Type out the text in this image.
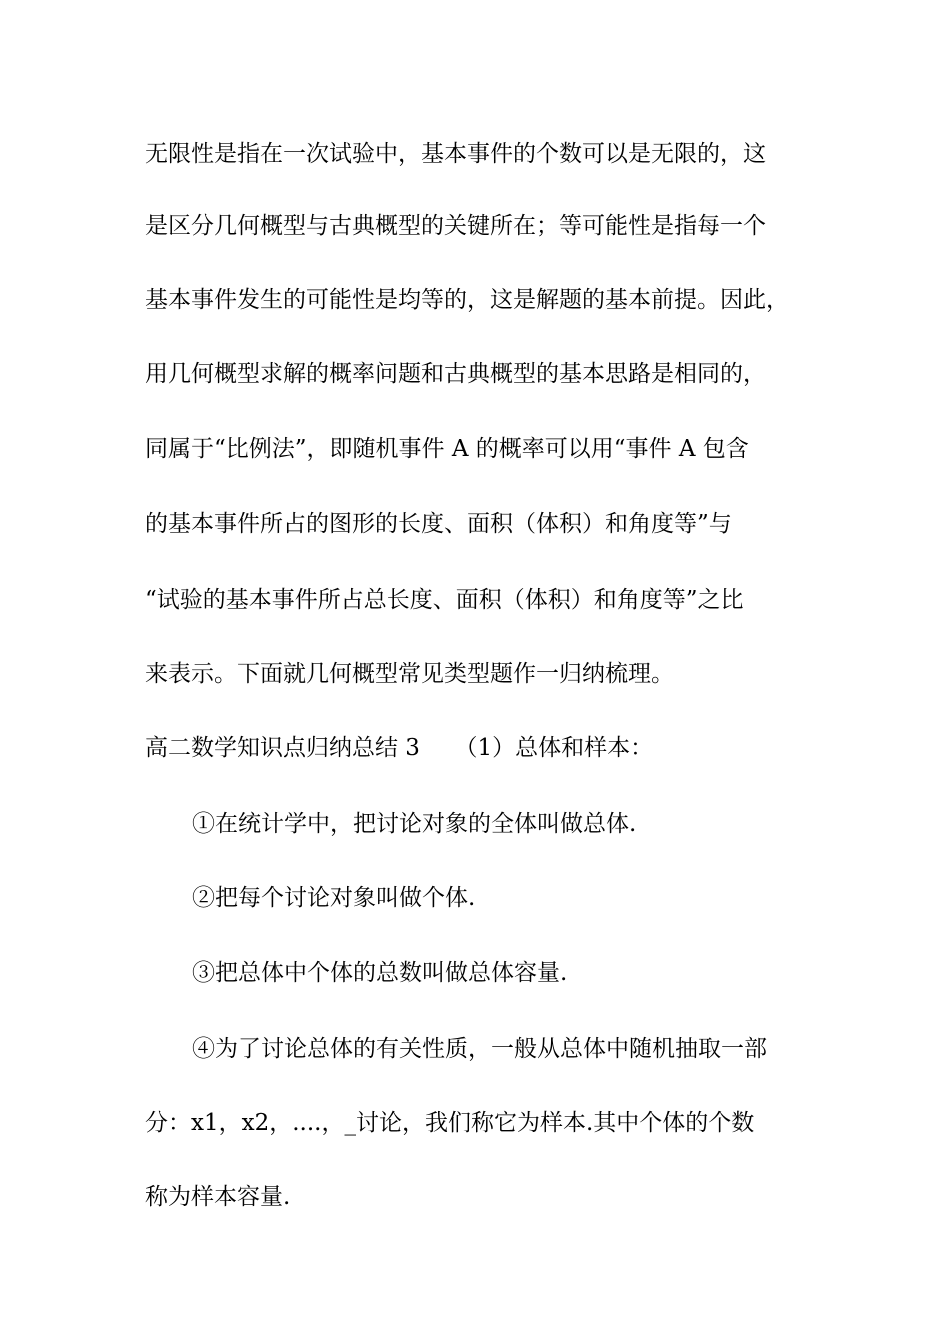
无限性是指在一次试验中，基本事件的个数可以是无限的，这
是区分几何概型与古典概型的关键所在；等可能性是指每一个
基本事件发生的可能性是均等的，这是解题的基本前提。因此，
用几何概型求解的概率问题和古典概型的基本思路是相同的，
同属于“比例法”，即随机事件 A 的概率可以用“事件 A 包含
的基本事件所占的图形的长度、面积（体积）和角度等”与
“试验的基本事件所占总长度、面积（体积）和角度等”之比
来表示。下面就几何概型常见类型题作一归纳梳理。
高二数学知识点归纳总结 3　　（1）总体和样本：
①在统计学中，把讨论对象的全体叫做总体.
②把每个讨论对象叫做个体.
③把总体中个体的总数叫做总体容量.
④为了讨论总体的有关性质，一般从总体中随机抽取一部
分：x1，x2，....，_讨论，我们称它为样本.其中个体的个数
称为样本容量.
